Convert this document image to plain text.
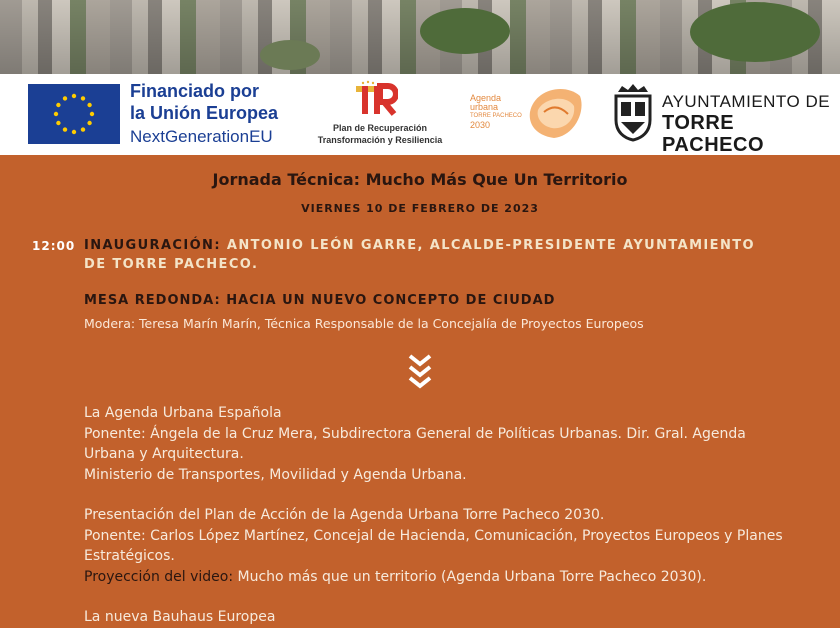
Financiado por
la Unión Europea
NextGenerationEU	Plan de Recuperación
Transformación y Resiliencia
Agenda
urbana
TORRE PACHECO
2030
AYUNTAMIENTO DE
TORRE PACHECO
Jornada Técnica: Mucho Más Que Un Territorio
VIERNES 10 DE FEBRERO DE 2023
12:00 INAUGURACIÓN: ANTONIO LEÓN GARRE, ALCALDE-PRESIDENTE AYUNTAMIENTO DE TORRE PACHECO.
MESA REDONDA: HACIA UN NUEVO CONCEPTO DE CIUDAD
Modera: Teresa Marín Marín, Técnica Responsable de la Concejalía de Proyectos Europeos
La Agenda Urbana Española
Ponente: Ángela de la Cruz Mera, Subdirectora General de Políticas Urbanas. Dir. Gral. Agenda Urbana y Arquitectura.
Ministerio de Transportes, Movilidad y Agenda Urbana.
Presentación del Plan de Acción de la Agenda Urbana Torre Pacheco 2030.
Ponente: Carlos López Martínez, Concejal de Hacienda, Comunicación, Proyectos Europeos y Planes Estratégicos.
Proyección del video: Mucho más que un territorio (Agenda Urbana Torre Pacheco 2030).
La nueva Bauhaus Europea
